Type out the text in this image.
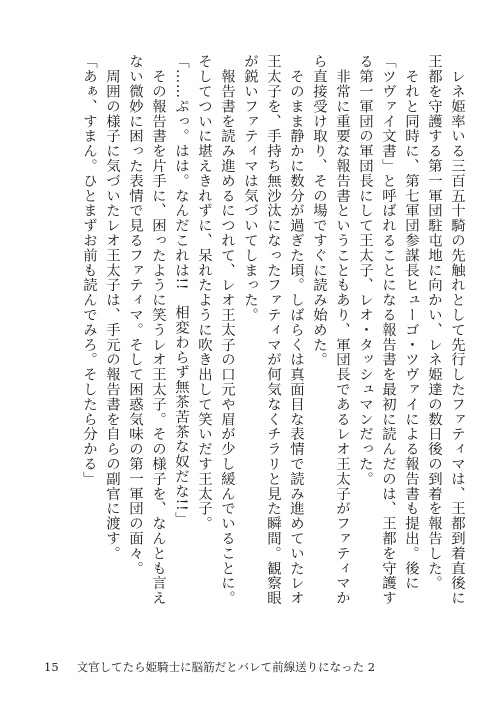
　レネ姫率いる三百五十騎の先触れとして先行したファティマは、王都到着直後に王都を守護する第一軍団駐屯地に向かい、レネ姫達の数日後の到着を報告した。

　それと同時に、第七軍団参謀長ヒューゴ・ツヴァイによる報告書も提出。後に「ツヴァイ文書」と呼ばれることになる報告書を最初に読んだのは、王都を守護する第一軍団の軍団長にして王太子、レオ・タッシュマンだった。

　非常に重要な報告書ということもあり、軍団長であるレオ王太子がファティマから直接受け取り、その場ですぐに読み始めた。

　そのまま静かに数分が過ぎた頃。しばらくは真面目な表情で読み進めていたレオ王太子を、手持ち無沙汰になったファティマが何気なくチラリと見た瞬間。観察眼が鋭いファティマは気づいてしまった。

　報告書を読み進めるにつれて、レオ王太子の口元や眉が少し緩んでいることに。そしてついに堪えきれずに、呆れたように吹き出して笑いだす王太子。

「……ぷっ。はは。なんだこれは!!　相変わらず無茶苦茶な奴だな!!」

　その報告書を片手に、困ったように笑うレオ王太子。その様子を、なんとも言えない微妙に困った表情で見るファティマ。そして困惑気味の第一軍団の面々。

　周囲の様子に気づいたレオ王太子は、手元の報告書を自らの副官に渡す。

「あぁ、すまん。ひとまずお前も読んでみろ。そしたら分かる」

15 文官してたら姫騎士に脳筋だとバレて前線送りになった 2
